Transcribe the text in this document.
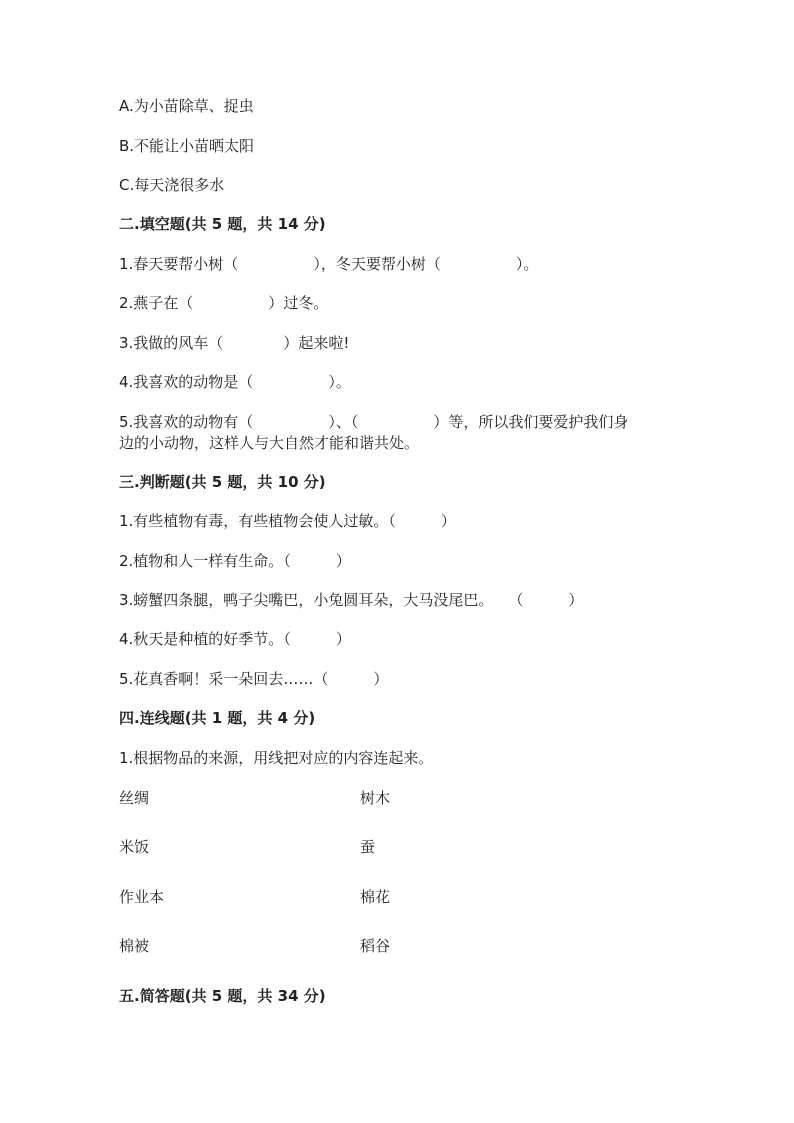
A.为小苗除草、捉虫
B.不能让小苗晒太阳
C.每天浇很多水
二.填空题(共 5 题，共 14 分)
1.春天要帮小树（　　　　　），冬天要帮小树（　　　　　）。
2.燕子在（　　　　　）过冬。
3.我做的风车（　　　　）起来啦!
4.我喜欢的动物是（　　　　　）。
5.我喜欢的动物有（　　　　　）、（　　　　　）等，所以我们要爱护我们身
边的小动物，这样人与大自然才能和谐共处。
三.判断题(共 5 题，共 10 分)
1.有些植物有毒，有些植物会使人过敏。（　　　）
2.植物和人一样有生命。（　　　）
3.螃蟹四条腿，鸭子尖嘴巴，小兔圆耳朵，大马没尾巴。　　（　　　）
4.秋天是种植的好季节。（　　　）
5.花真香啊！采一朵回去……（　　　）
四.连线题(共 1 题，共 4 分)
1.根据物品的来源，用线把对应的内容连起来。
丝绸	树木
米饭	蚕
作业本	棉花
棉被	稻谷
五.简答题(共 5 题，共 34 分)
